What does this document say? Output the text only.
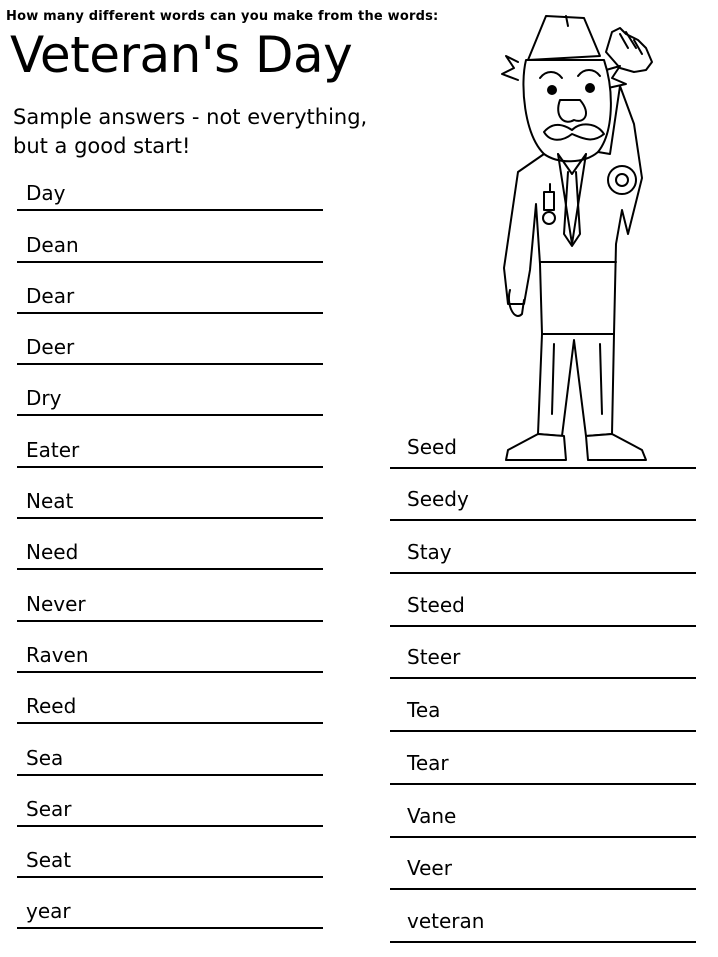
How many different words can you make from the words:
Veteran's Day
Sample answers - not everything,
but a good start!
Day
Dean
Dear
Deer
Dry
Eater
Neat
Need
Never
Raven
Reed
Sea
Sear
Seat
year
Seed
Seedy
Stay
Steed
Steer
Tea
Tear
Vane
Veer
veteran
